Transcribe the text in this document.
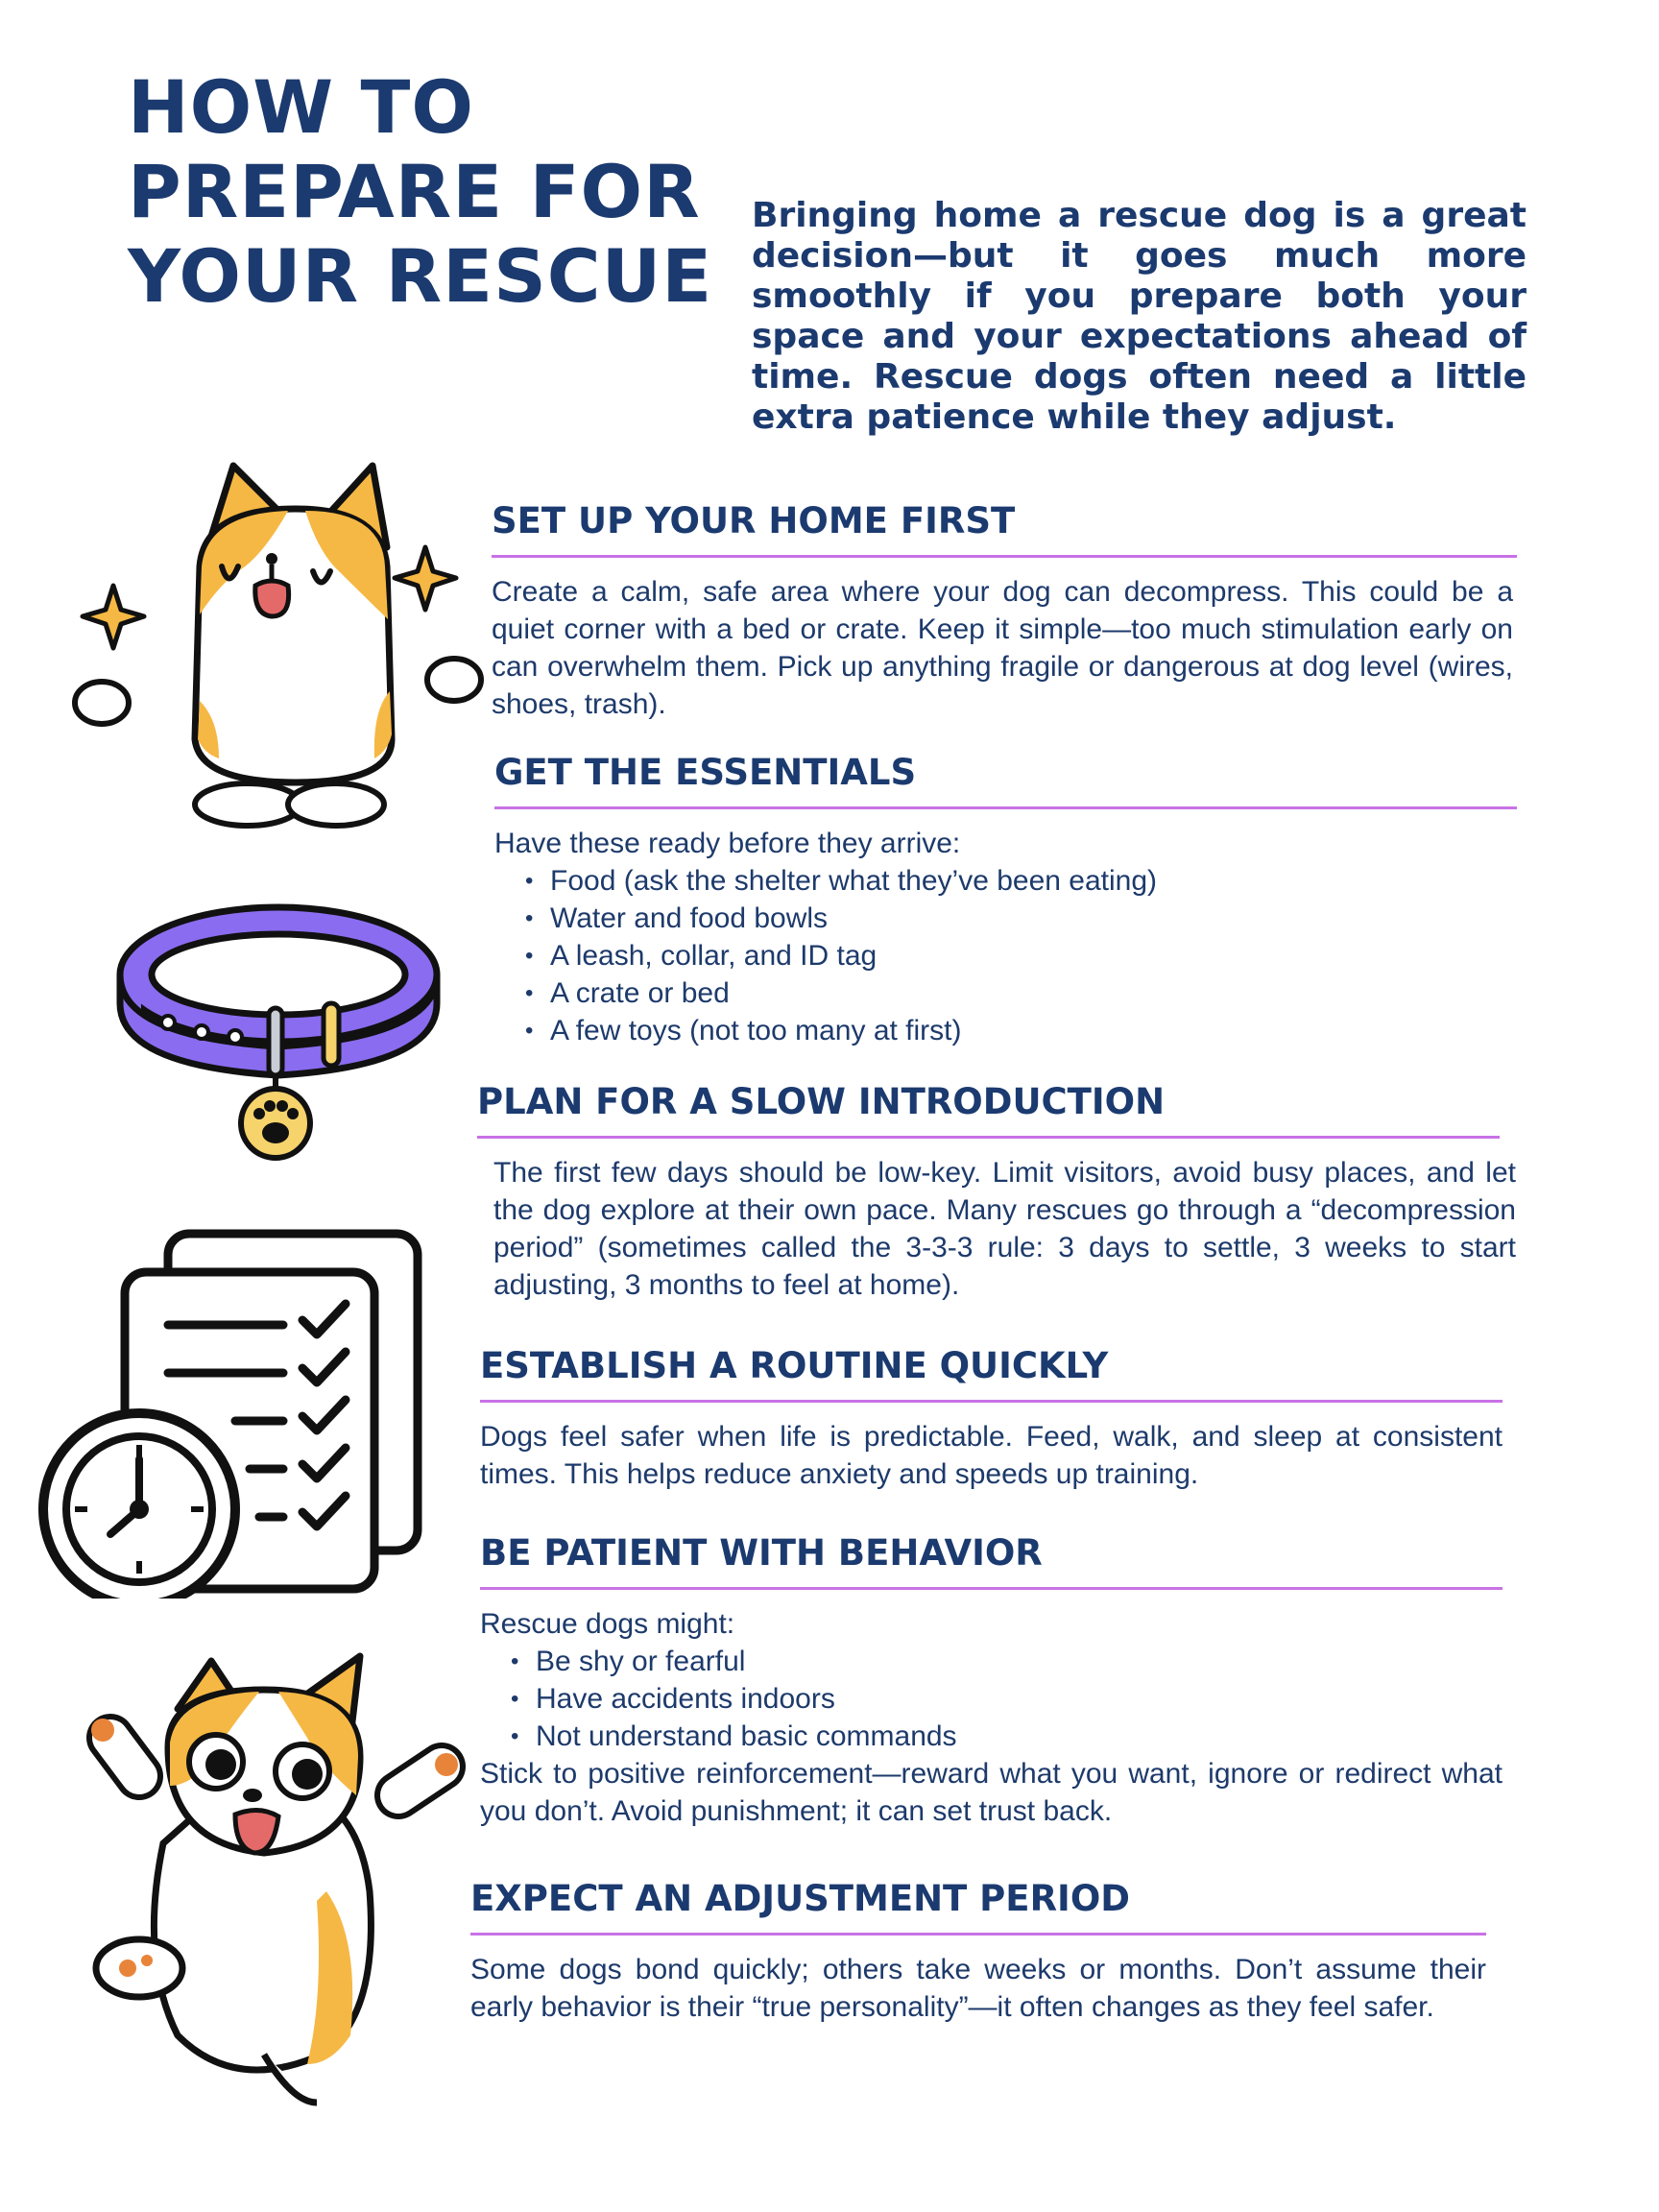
HOW TO
PREPARE FOR
YOUR RESCUE
Bringing home a rescue dog is a great decision—but it goes much more smoothly if you prepare both your space and your expectations ahead of time. Rescue dogs often need a little extra patience while they adjust.
SET UP YOUR HOME FIRST

Create a calm, safe area where your dog can decompress. This could be a quiet corner with a bed or crate. Keep it simple—too much stimulation early on can overwhelm them. Pick up anything fragile or dangerous at dog level (wires, shoes, trash).

GET THE ESSENTIALS

Have these ready before they arrive:

• Food (ask the shelter what they’ve been eating)
• Water and food bowls
• A leash, collar, and ID tag
• A crate or bed
• A few toys (not too many at first)
PLAN FOR A SLOW INTRODUCTION

The first few days should be low-key. Limit visitors, avoid busy places, and let the dog explore at their own pace. Many rescues go through a “decompression period” (sometimes called the 3-3-3 rule: 3 days to settle, 3 weeks to start adjusting, 3 months to feel at home).

ESTABLISH A ROUTINE QUICKLY

Dogs feel safer when life is predictable. Feed, walk, and sleep at consistent times. This helps reduce anxiety and speeds up training.

BE PATIENT WITH BEHAVIOR

Rescue dogs might:

• Be shy or fearful
• Have accidents indoors
• Not understand basic commands

Stick to positive reinforcement—reward what you want, ignore or redirect what you don’t. Avoid punishment; it can set trust back.

EXPECT AN ADJUSTMENT PERIOD

Some dogs bond quickly; others take weeks or months. Don’t assume their early behavior is their “true personality”—it often changes as they feel safer.
